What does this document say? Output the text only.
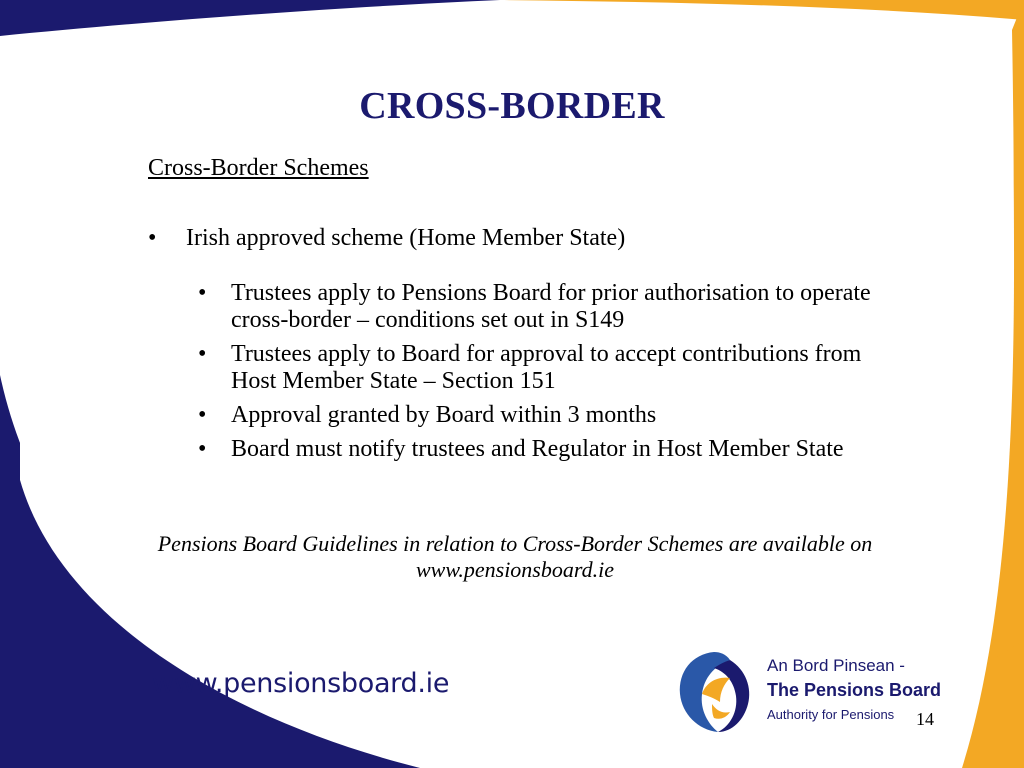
CROSS-BORDER
Cross-Border Schemes
•	Irish approved scheme (Home Member State)
•	Trustees apply to Pensions Board for prior authorisation to operate cross-border – conditions set out in S149
•	Trustees apply to Board for approval to accept contributions from Host Member State – Section 151
•	Approval granted by Board within 3 months
•	Board must notify trustees and Regulator in Host Member State
Pensions Board Guidelines in relation to Cross-Border Schemes are available on www.pensionsboard.ie
www.pensionsboard.ie
An Bord Pinsean -
The Pensions Board
Authority for Pensions	14
